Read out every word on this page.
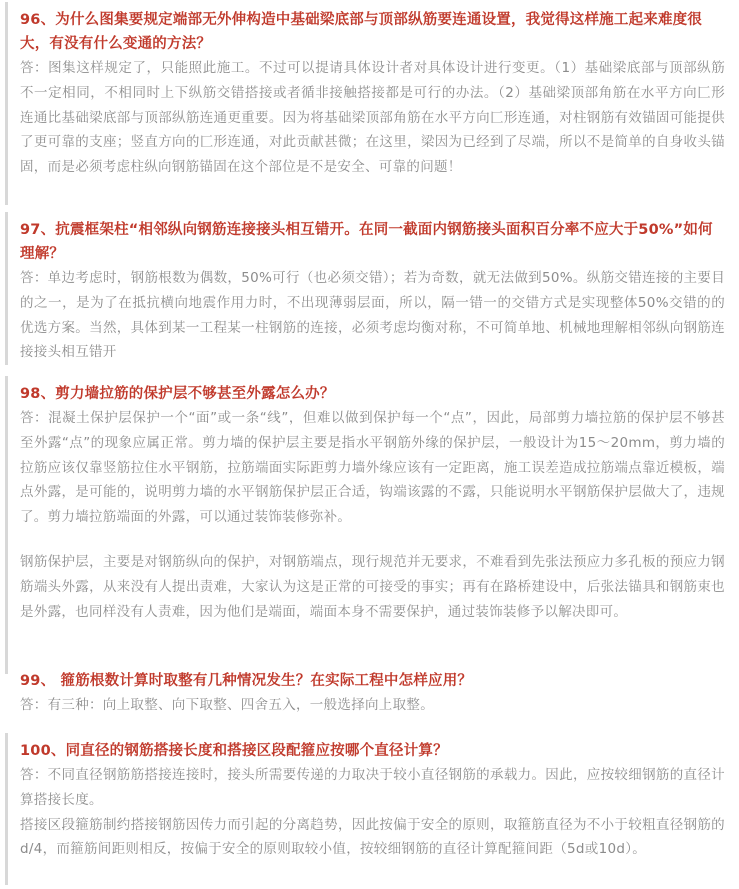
96、为什么图集要规定端部无外伸构造中基础梁底部与顶部纵筋要连通设置，我觉得这样施工起来难度很大，有没有什么变通的方法？

答：图集这样规定了，只能照此施工。不过可以提请具体设计者对具体设计进行变更。（1）基础梁底部与顶部纵筋不一定相同，不相同时上下纵筋交错搭接或者循非接触搭接都是可行的办法。（2）基础梁顶部角筋在水平方向匚形连通比基础梁底部与顶部纵筋连通更重要。因为将基础梁顶部角筋在水平方向匚形连通，对柱钢筋有效锚固可能提供了更可靠的支座；竖直方向的匚形连通，对此贡献甚微；在这里，梁因为已经到了尽端，所以不是简单的自身收头锚固，而是必须考虑柱纵向钢筋锚固在这个部位是不是安全、可靠的问题！

97、抗震框架柱“相邻纵向钢筋连接接头相互错开。在同一截面内钢筋接头面积百分率不应大于50%”如何理解？

答：单边考虑时，钢筋根数为偶数，50%可行（也必须交错）；若为奇数，就无法做到50%。纵筋交错连接的主要目的之一，是为了在抵抗横向地震作用力时，不出现薄弱层面，所以，隔一错一的交错方式是实现整体50%交错的的优选方案。当然，具体到某一工程某一柱钢筋的连接，必须考虑均衡对称，不可简单地、机械地理解相邻纵向钢筋连接接头相互错开

98、剪力墙拉筋的保护层不够甚至外露怎么办？

答：混凝土保护层保护一个“面”或一条“线”，但难以做到保护每一个“点”，因此，局部剪力墙拉筋的保护层不够甚至外露“点”的现象应属正常。剪力墙的保护层主要是指水平钢筋外缘的保护层，一般设计为15～20mm，剪力墙的拉筋应该仅靠竖筋拉住水平钢筋，拉筋端面实际距剪力墙外缘应该有一定距离，施工误差造成拉筋端点靠近模板，端点外露，是可能的，说明剪力墙的水平钢筋保护层正合适，钩端该露的不露，只能说明水平钢筋保护层做大了，违规了。剪力墙拉筋端面的外露，可以通过装饰装修弥补。

钢筋保护层，主要是对钢筋纵向的保护，对钢筋端点，现行规范并无要求，不难看到先张法预应力多孔板的预应力钢筋端头外露，从来没有人提出责难，大家认为这是正常的可接受的事实；再有在路桥建设中，后张法锚具和钢筋束也是外露，也同样没有人责难，因为他们是端面，端面本身不需要保护，通过装饰装修予以解决即可。

99、 箍筋根数计算时取整有几种情况发生？在实际工程中怎样应用？

答：有三种：向上取整、向下取整、四舍五入，一般选择向上取整。

100、同直径的钢筋搭接长度和搭接区段配箍应按哪个直径计算？

答：不同直径钢筋筋搭接连接时，接头所需要传递的力取决于较小直径钢筋的承载力。因此，应按较细钢筋的直径计算搭接长度。

搭接区段箍筋制约搭接钢筋因传力而引起的分离趋势，因此按偏于安全的原则，取箍筋直径为不小于较粗直径钢筋的d/4，而箍筋间距则相反，按偏于安全的原则取较小值，按较细钢筋的直径计算配箍间距（5d或10d）。
